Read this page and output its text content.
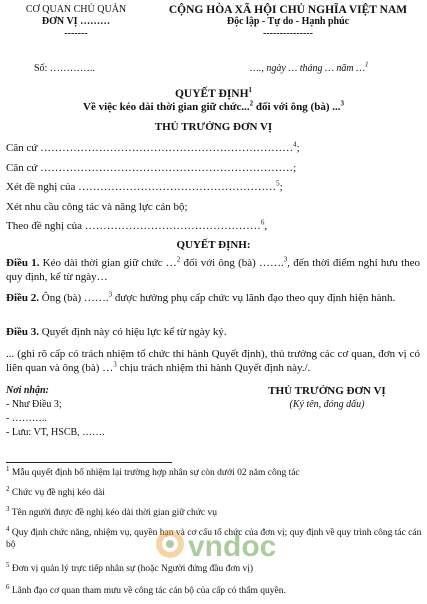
CƠ QUAN CHỦ QUẢN
ĐƠN VỊ ………
-------
CỘNG HÒA XÃ HỘI CHỦ NGHĨA VIỆT NAM
Độc lập - Tự do - Hạnh phúc
---------------
Số: …………..	…., ngày … tháng … năm …$^1$
QUYẾT ĐỊNH$^1$
Về việc kéo dài thời gian giữ chức...$^2$ đối với ông (bà) ...$^3$
THỦ TRƯỞNG ĐƠN VỊ
Căn cứ ……………………………………………………………$^4$;
Căn cứ ……………………………………………………………;
Xét đề nghị của ………………………………………………$^5$;
Xét nhu cầu công tác và năng lực cán bộ;
Theo đề nghị của …………………………………………$^6$,
QUYẾT ĐỊNH:
Điều 1. Kéo dài thời gian giữ chức …$^2$ đối với ông (bà) …….$^3$, đến thời điểm nghỉ hưu theo quy định, kể từ ngày…
Điều 2. Ông (bà) …….$^3$ được hưởng phụ cấp chức vụ lãnh đạo theo quy định hiện hành.
Điều 3. Quyết định này có hiệu lực kể từ ngày ký.
... (ghi rõ cấp có trách nhiệm tổ chức thi hành Quyết định), thủ trưởng các cơ quan, đơn vị có liên quan và ông (bà) …$^3$ chịu trách nhiệm thi hành Quyết định này./.
Nơi nhận:
- Như Điều 3;
- ………..
- Lưu: VT, HSCB, …….
THỦ TRƯỞNG ĐƠN VỊ
(Ký tên, đóng dấu)
$^1$ Mẫu quyết định bổ nhiệm lại trường hợp nhân sự còn dưới 02 năm công tác
$^2$ Chức vụ đề nghị kéo dài
$^3$ Tên người được đề nghị kéo dài thời gian giữ chức vụ
$^4$ Quy định chức năng, nhiệm vụ, quyền hạn và cơ cấu tổ chức của đơn vị; quy định về quy trình công tác cán bộ
$^5$ Đơn vị quản lý trực tiếp nhân sự (hoặc Người đứng đầu đơn vị)
$^6$ Lãnh đạo cơ quan tham mưu về công tác cán bộ của cấp có thẩm quyền.
vndoc
